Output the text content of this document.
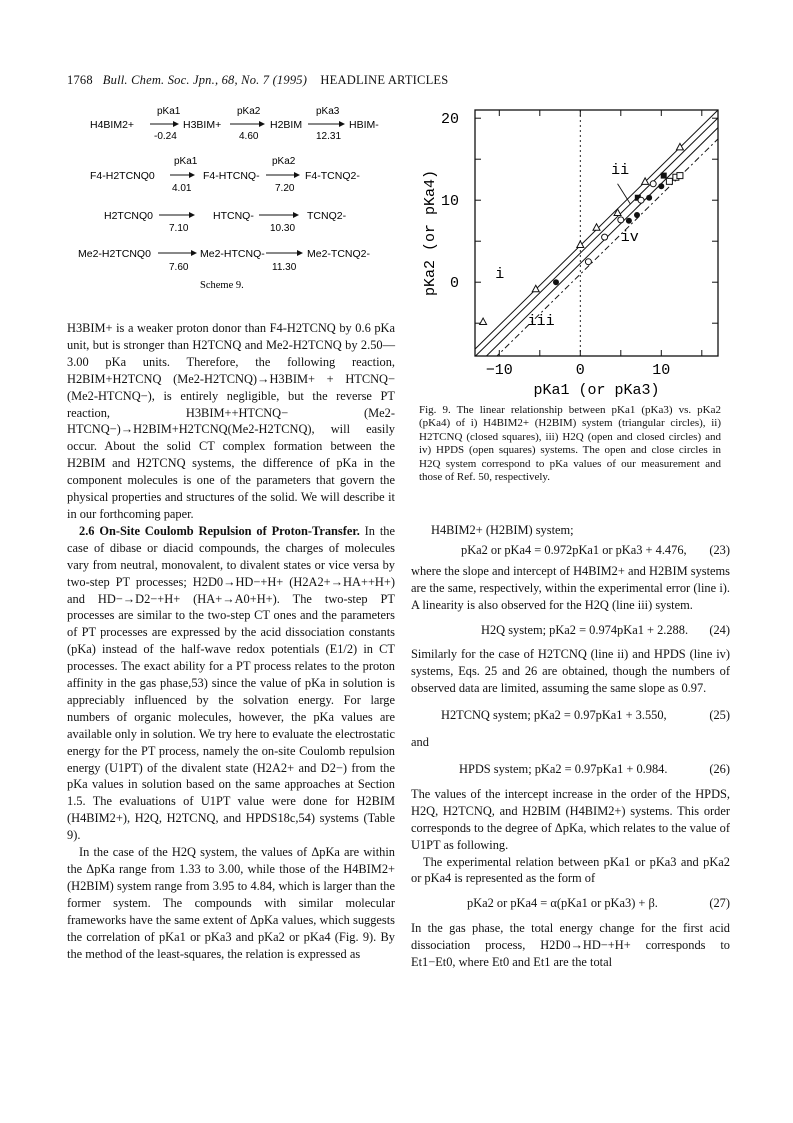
1768 Bull. Chem. Soc. Jpn., 68, No. 7 (1995) HEADLINE ARTICLES
H4BIM2+
pKa1
-0.24
H3BIM+
pKa2
4.60
H2BIM
pKa3
12.31
HBIM-
F4-H2TCNQ0
pKa1
4.01
F4-HTCNQ-
pKa2
7.20
F4-TCNQ2-
H2TCNQ0
7.10
HTCNQ-
10.30
TCNQ2-
Me2-H2TCNQ0
7.60
Me2-HTCNQ-
11.30
Me2-TCNQ2-
Scheme 9.

H3BIM+ is a weaker proton donor than F4-H2TCNQ by 0.6 pKa unit, but is stronger than H2TCNQ and Me2-H2TCNQ by 2.50—3.00 pKa units. Therefore, the following reaction, H2BIM+H2TCNQ (Me2-H2TCNQ)→H3BIM+ + HTCNQ− (Me2-HTCNQ−), is entirely negligible, but the reverse PT reaction, H3BIM++HTCNQ− (Me2-HTCNQ−)→H2BIM+H2TCNQ(Me2-H2TCNQ), will easily occur. About the solid CT complex formation between the H2BIM and H2TCNQ systems, the difference of pKa in the component molecules is one of the parameters that govern the physical properties and structures of the solid. We will describe it in our forthcoming paper.

2.6 On-Site Coulomb Repulsion of Proton-Transfer. In the case of dibase or diacid compounds, the charges of molecules vary from neutral, monovalent, to divalent states or vice versa by two-step PT processes; H2D0→HD−+H+ (H2A2+→HA++H+) and HD−→D2−+H+ (HA+→A0+H+). The two-step PT processes are similar to the two-step CT ones and the parameters of PT processes are expressed by the acid dissociation constants (pKa) instead of the half-wave redox potentials (E1/2) in CT processes. The exact ability for a PT process relates to the proton affinity in the gas phase,53) since the value of pKa in solution is appreciably influenced by the solvation energy. For large numbers of organic molecules, however, the pKa values are available only in solution. We try here to evaluate the electrostatic energy for the PT process, namely the on-site Coulomb repulsion energy (U1PT) of the divalent state (H2A2+ and D2−) from the pKa values in solution based on the same approaches at Section 1.5. The evaluations of U1PT value were done for H2BIM (H4BIM2+), H2Q, H2TCNQ, and HPDS18c,54) systems (Table 9).

In the case of the H2Q system, the values of ΔpKa are within the ΔpKa range from 1.33 to 3.00, while those of the H4BIM2+ (H2BIM) system range from 3.95 to 4.84, which is larger than the former system. The compounds with similar molecular frameworks have the same extent of ΔpKa values, which suggests the correlation of pKa1 or pKa3 and pKa2 or pKa4 (Fig. 9). By the method of the least-squares, the relation is expressed as

−10	0	10
20
10
0
pKa1 (or pKa3)
pKa2 (or pKa4)	i
ii
iii
iv
Fig. 9. The linear relationship between pKa1 (pKa3) vs. pKa2 (pKa4) of i) H4BIM2+ (H2BIM) system (triangular circles), ii) H2TCNQ (closed squares), iii) H2Q (open and closed circles) and iv) HPDS (open squares) systems. The open and close circles in H2Q system correspond to pKa values of our measurement and those of Ref. 50, respectively.
H4BIM2+ (H2BIM) system;
pKa2 or pKa4 = 0.972pKa1 or pKa3 + 4.476,	(23)

where the slope and intercept of H4BIM2+ and H2BIM systems are the same, respectively, within the experimental error (line i). A linearity is also observed for the H2Q (line iii) system.

H2Q system; pKa2 = 0.974pKa1 + 2.288.	(24)

Similarly for the case of H2TCNQ (line ii) and HPDS (line iv) systems, Eqs. 25 and 26 are obtained, though the numbers of observed data are limited, assuming the same slope as 0.97.

H2TCNQ system; pKa2 = 0.97pKa1 + 3.550,	(25)
and
HPDS system; pKa2 = 0.97pKa1 + 0.984.	(26)

The values of the intercept increase in the order of the HPDS, H2Q, H2TCNQ, and H2BIM (H4BIM2+) systems. This order corresponds to the degree of ΔpKa, which relates to the value of U1PT as following.

The experimental relation between pKa1 or pKa3 and pKa2 or pKa4 is represented as the form of

pKa2 or pKa4 = α(pKa1 or pKa3) + β.	(27)

In the gas phase, the total energy change for the first acid dissociation process, H2D0→HD−+H+ corresponds to Et1−Et0, where Et0 and Et1 are the total
